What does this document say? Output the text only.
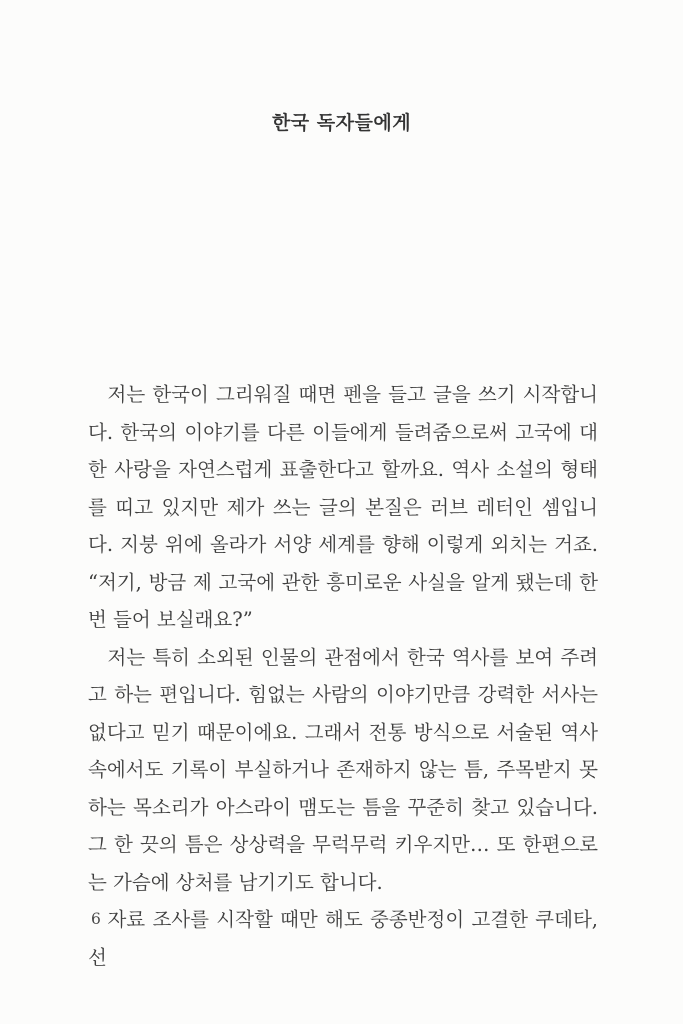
한국 독자들에게

저는 한국이 그리워질 때면 펜을 들고 글을 쓰기 시작합니다. 한국의 이야기를 다른 이들에게 들려줌으로써 고국에 대한 사랑을 자연스럽게 표출한다고 할까요. 역사 소설의 형태를 띠고 있지만 제가 쓰는 글의 본질은 러브 레터인 셈입니다. 지붕 위에 올라가 서양 세계를 향해 이렇게 외치는 거죠. “저기, 방금 제 고국에 관한 흥미로운 사실을 알게 됐는데 한번 들어 보실래요?”

저는 특히 소외된 인물의 관점에서 한국 역사를 보여 주려고 하는 편입니다. 힘없는 사람의 이야기만큼 강력한 서사는 없다고 믿기 때문이에요. 그래서 전통 방식으로 서술된 역사 속에서도 기록이 부실하거나 존재하지 않는 틈, 주목받지 못하는 목소리가 아스라이 맴도는 틈을 꾸준히 찾고 있습니다. 그 한 끗의 틈은 상상력을 무럭무럭 키우지만… 또 한편으로는 가슴에 상처를 남기기도 합니다.

자료 조사를 시작할 때만 해도 중종반정이 고결한 쿠데타, 선

6
